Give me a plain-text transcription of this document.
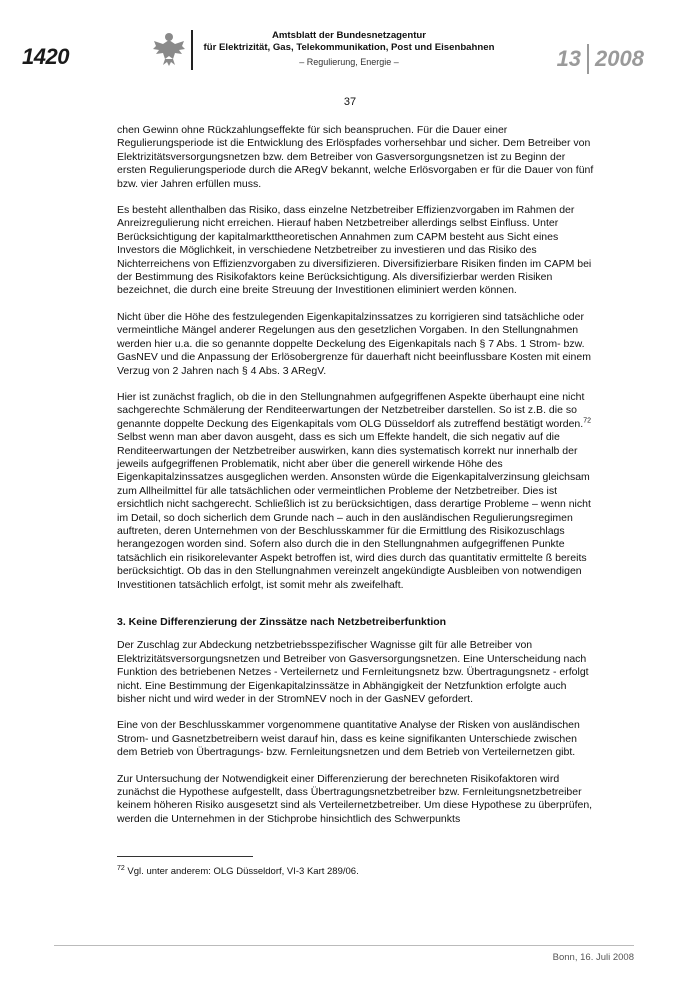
1420
Amtsblatt der Bundesnetzagentur
für Elektrizität, Gas, Telekommunikation, Post und Eisenbahnen
– Regulierung, Energie –	13 2008
37

chen Gewinn ohne Rückzahlungseffekte für sich beanspruchen. Für die Dauer einer Regulierungsperiode ist die Entwicklung des Erlöspfades vorhersehbar und sicher. Dem Betreiber von Elektrizitätsversorgungsnetzen bzw. dem Betreiber von Gasversorgungsnetzen ist zu Beginn der ersten Regulierungsperiode durch die ARegV bekannt, welche Erlösvorgaben er für die Dauer von fünf bzw. vier Jahren erfüllen muss.

Es besteht allenthalben das Risiko, dass einzelne Netzbetreiber Effizienzvorgaben im Rahmen der Anreizregulierung nicht erreichen. Hierauf haben Netzbetreiber allerdings selbst Einfluss. Unter Berücksichtigung der kapitalmarkttheoretischen Annahmen zum CAPM besteht aus Sicht eines Investors die Möglichkeit, in verschiedene Netzbetreiber zu investieren und das Risiko des Nichterreichens von Effizienzvorgaben zu diversifizieren. Diversifizierbare Risiken finden im CAPM bei der Bestimmung des Risikofaktors keine Berücksichtigung. Als diversifizierbar werden Risiken bezeichnet, die durch eine breite Streuung der Investitionen eliminiert werden können.

Nicht über die Höhe des festzulegenden Eigenkapitalzinssatzes zu korrigieren sind tatsächliche oder vermeintliche Mängel anderer Regelungen aus den gesetzlichen Vorgaben. In den Stellungnahmen werden hier u.a. die so genannte doppelte Deckelung des Eigenkapitals nach § 7 Abs. 1 Strom- bzw. GasNEV und die Anpassung der Erlösobergrenze für dauerhaft nicht beeinflussbare Kosten mit einem Verzug von 2 Jahren nach § 4 Abs. 3 ARegV.

Hier ist zunächst fraglich, ob die in den Stellungnahmen aufgegriffenen Aspekte überhaupt eine nicht sachgerechte Schmälerung der Renditeerwartungen der Netzbetreiber darstellen. So ist z.B. die so genannte doppelte Deckung des Eigenkapitals vom OLG Düsseldorf als zutreffend bestätigt worden.$^{72}$ Selbst wenn man aber davon ausgeht, dass es sich um Effekte handelt, die sich negativ auf die Renditeerwartungen der Netzbetreiber auswirken, kann dies systematisch korrekt nur innerhalb der jeweils aufgegriffenen Problematik, nicht aber über die generell wirkende Höhe des Eigenkapitalzinssatzes ausgeglichen werden. Ansonsten würde die Eigenkapitalverzinsung gleichsam zum Allheilmittel für alle tatsächlichen oder vermeintlichen Probleme der Netzbetreiber. Dies ist ersichtlich nicht sachgerecht. Schließlich ist zu berücksichtigen, dass derartige Probleme – wenn nicht im Detail, so doch sicherlich dem Grunde nach – auch in den ausländischen Regulierungsregimen auftreten, deren Unternehmen von der Beschlusskammer für die Ermittlung des Risikozuschlags herangezogen worden sind. Sofern also durch die in den Stellungnahmen aufgegriffenen Punkte tatsächlich ein risikorelevanter Aspekt betroffen ist, wird dies durch das quantitativ ermittelte ß bereits berücksichtigt. Ob das in den Stellungnahmen vereinzelt angekündigte Ausbleiben von notwendigen Investitionen tatsächlich erfolgt, ist somit mehr als zweifelhaft.

3. Keine Differenzierung der Zinssätze nach Netzbetreiberfunktion

Der Zuschlag zur Abdeckung netzbetriebsspezifischer Wagnisse gilt für alle Betreiber von Elektrizitätsversorgungsnetzen und Betreiber von Gasversorgungsnetzen. Eine Unterscheidung nach Funktion des betriebenen Netzes - Verteilernetz und Fernleitungsnetz bzw. Übertragungsnetz - erfolgt nicht. Eine Bestimmung der Eigenkapitalzinssätze in Abhängigkeit der Netzfunktion erfolgte auch bisher nicht und wird weder in der StromNEV noch in der GasNEV gefordert.

Eine von der Beschlusskammer vorgenommene quantitative Analyse der Risken von ausländischen Strom- und Gasnetzbetreibern weist darauf hin, dass es keine signifikanten Unterschiede zwischen dem Betrieb von Übertragungs- bzw. Fernleitungsnetzen und dem Betrieb von Verteilernetzen gibt.

Zur Untersuchung der Notwendigkeit einer Differenzierung der berechneten Risikofaktoren wird zunächst die Hypothese aufgestellt, dass Übertragungsnetzbetreiber bzw. Fernleitungsnetzbetreiber keinem höheren Risiko ausgesetzt sind als Verteilernetzbetreiber. Um diese Hypothese zu überprüfen, werden die Unternehmen in der Stichprobe hinsichtlich des Schwerpunkts

$^{72}$ Vgl. unter anderem: OLG Düsseldorf, VI-3 Kart 289/06.
Bonn, 16. Juli 2008
